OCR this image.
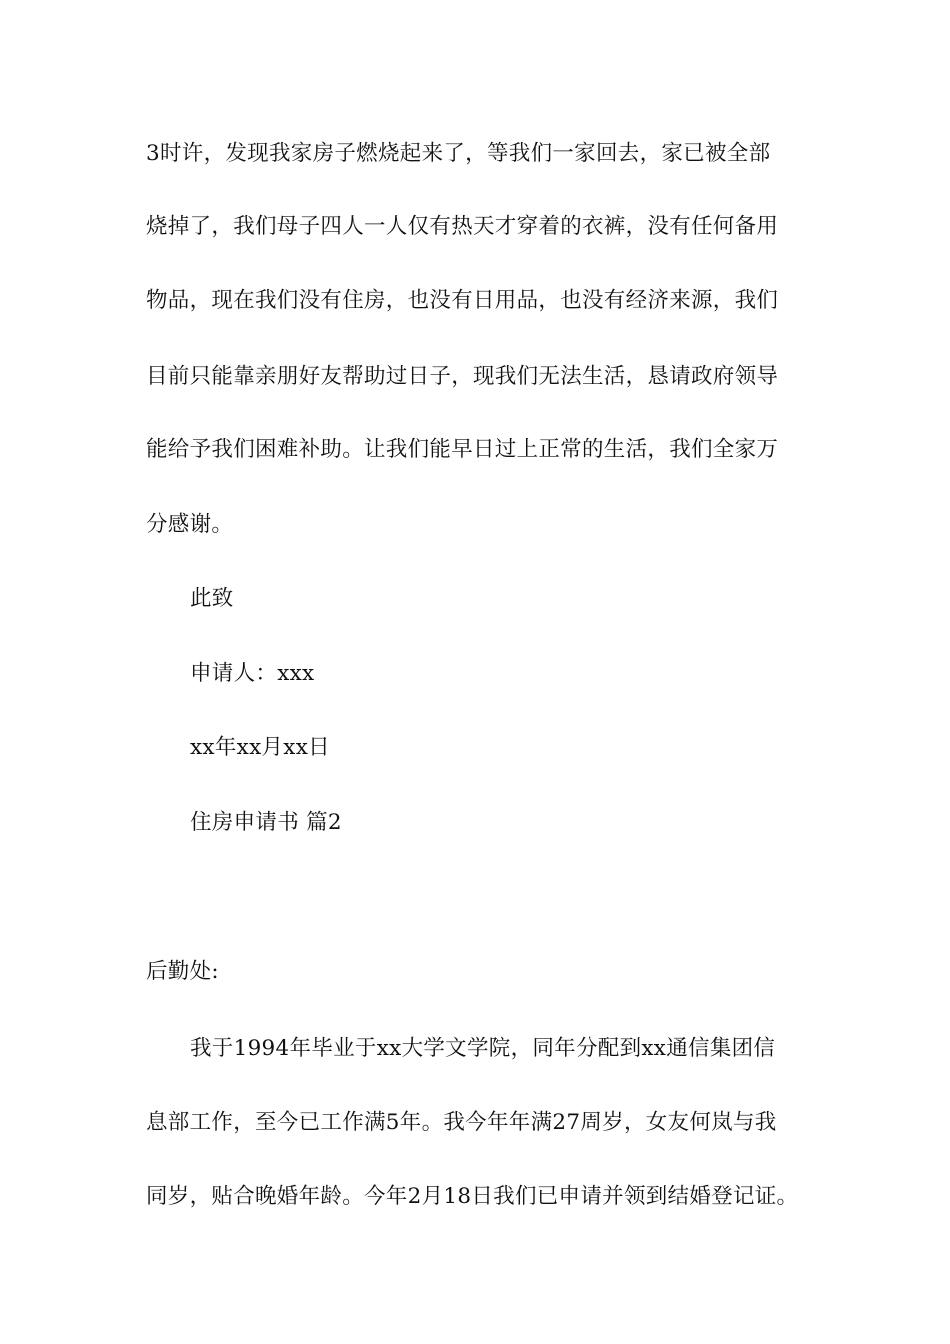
3时许，发现我家房子燃烧起来了，等我们一家回去，家已被全部
烧掉了，我们母子四人一人仅有热天才穿着的衣裤，没有任何备用
物品，现在我们没有住房，也没有日用品，也没有经济来源，我们
目前只能靠亲朋好友帮助过日子，现我们无法生活，恳请政府领导
能给予我们困难补助。让我们能早日过上正常的生活，我们全家万
分感谢。
此致
申请人：xxx
xx年xx月xx日
住房申请书 篇2
后勤处:
我于1994年毕业于xx大学文学院，同年分配到xx通信集团信
息部工作，至今已工作满5年。我今年年满27周岁，女友何岚与我
同岁，贴合晚婚年龄。今年2月18日我们已申请并领到结婚登记证。
